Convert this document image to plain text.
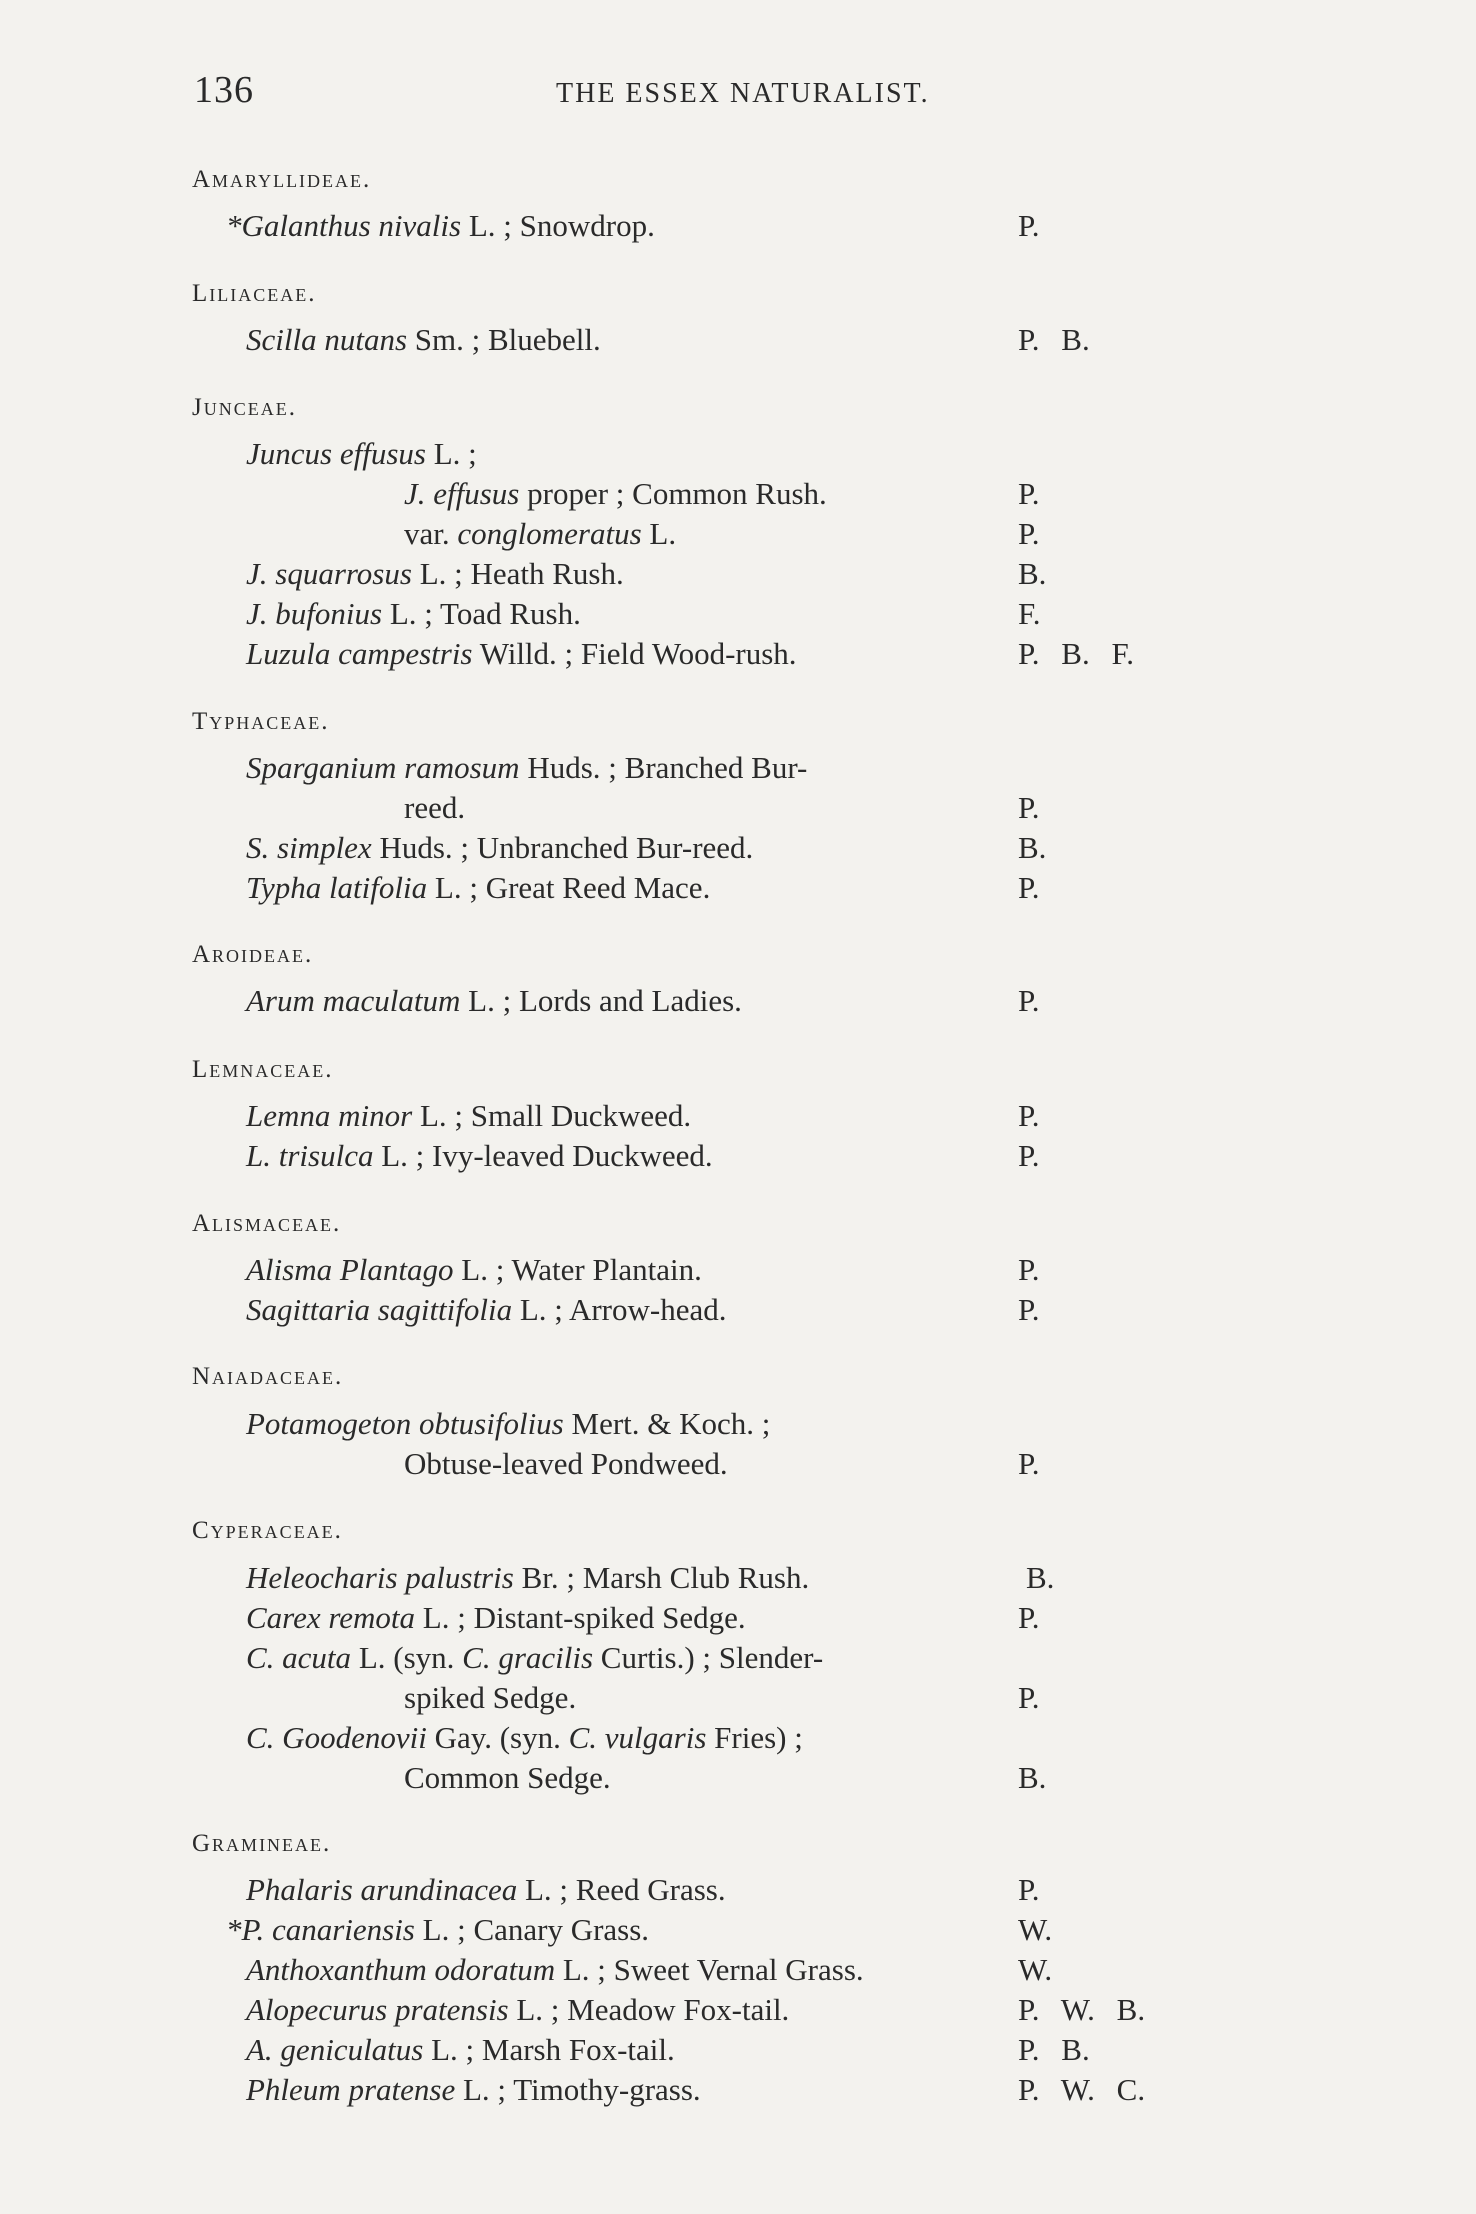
136	THE ESSEX NATURALIST.
Amaryllideae.
Liliaceae.
Junceae.
Typhaceae.
Aroideae.
Lemnaceae.
Alismaceae.
Naiadaceae.
Cyperaceae.
Gramineae.
*Galanthus nivalis L. ; Snowdrop.	P.
Scilla nutans Sm. ; Bluebell.	P. B.
Juncus effusus L. ;
J. effusus proper ; Common Rush.	P.
var. conglomeratus L.	P.
J. squarrosus L. ; Heath Rush.	B.
J. bufonius L. ; Toad Rush.	F.
Luzula campestris Willd. ; Field Wood-rush.	P. B. F.
Sparganium ramosum Huds. ; Branched Bur-
reed.	P.
S. simplex Huds. ; Unbranched Bur-reed.	B.
Typha latifolia L. ; Great Reed Mace.	P.
Arum maculatum L. ; Lords and Ladies.	P.
Lemna minor L. ; Small Duckweed.	P.
L. trisulca L. ; Ivy-leaved Duckweed.	P.
Alisma Plantago L. ; Water Plantain.	P.
Sagittaria sagittifolia L. ; Arrow-head.	P.
Potamogeton obtusifolius Mert. & Koch. ;
Obtuse-leaved Pondweed.	P.
Heleocharis palustris Br. ; Marsh Club Rush.	B.
Carex remota L. ; Distant-spiked Sedge.	P.
C. acuta L. (syn. C. gracilis Curtis.) ; Slender-
spiked Sedge.	P.
C. Goodenovii Gay. (syn. C. vulgaris Fries) ;
Common Sedge.	B.
Phalaris arundinacea L. ; Reed Grass.	P.
*P. canariensis L. ; Canary Grass.	W.
Anthoxanthum odoratum L. ; Sweet Vernal Grass.	W.
Alopecurus pratensis L. ; Meadow Fox-tail.	P. W. B.
A. geniculatus L. ; Marsh Fox-tail.	P. B.
Phleum pratense L. ; Timothy-grass.	P. W. C.
